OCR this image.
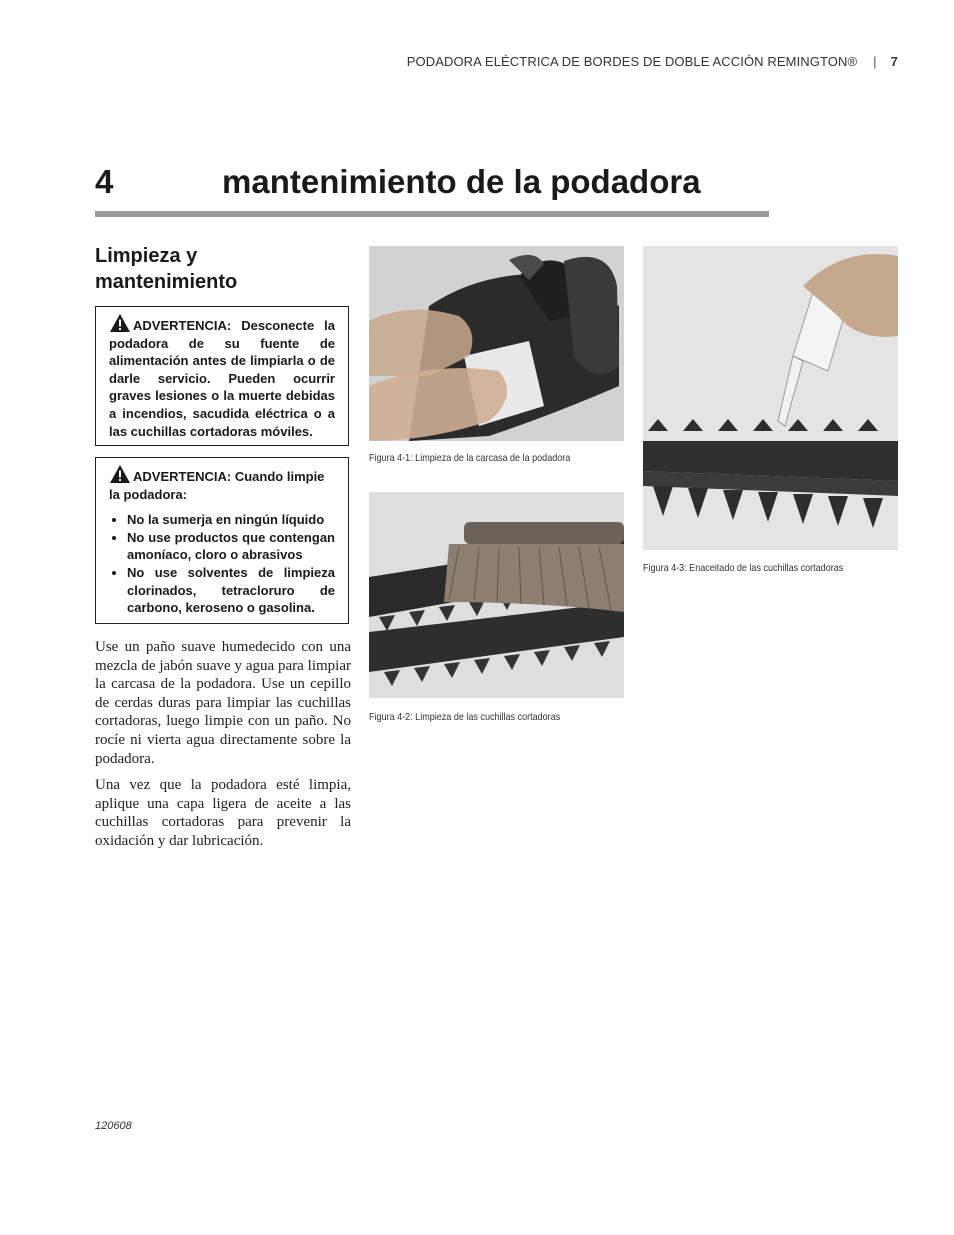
PODADORA ELÉCTRICA DE BORDES DE DOBLE ACCIÓN REMINGTON® | 7
4	mantenimiento de la podadora
Limpieza y mantenimiento
ADVERTENCIA: Desconecte la podadora de su fuente de alimentación antes de limpiarla o de darle servicio. Pueden ocurrir graves lesiones o la muerte debidas a incendios, sacudida eléctrica o a las cuchillas cortadoras móviles.
ADVERTENCIA: Cuando limpie la podadora:
• No la sumerja en ningún líquido
• No use productos que contengan amoníaco, cloro o abrasivos
• No use solventes de limpieza clorinados, tetracloruro de carbono, keroseno o gasolina.

Use un paño suave humedecido con una mezcla de jabón suave y agua para limpiar la carcasa de la podadora. Use un cepillo de cerdas duras para limpiar las cuchillas cortadoras, luego limpie con un paño. No rocíe ni vierta agua directamente sobre la podadora.

Una vez que la podadora esté limpia, aplique una capa ligera de aceite a las cuchillas cortadoras para prevenir la oxidación y dar lubricación.

Figura 4-1: Limpieza de la carcasa de la podadora
Figura 4-2: Limpieza de las cuchillas cortadoras
Figura 4-3: Enaceitado de las cuchillas cortadoras
120608
